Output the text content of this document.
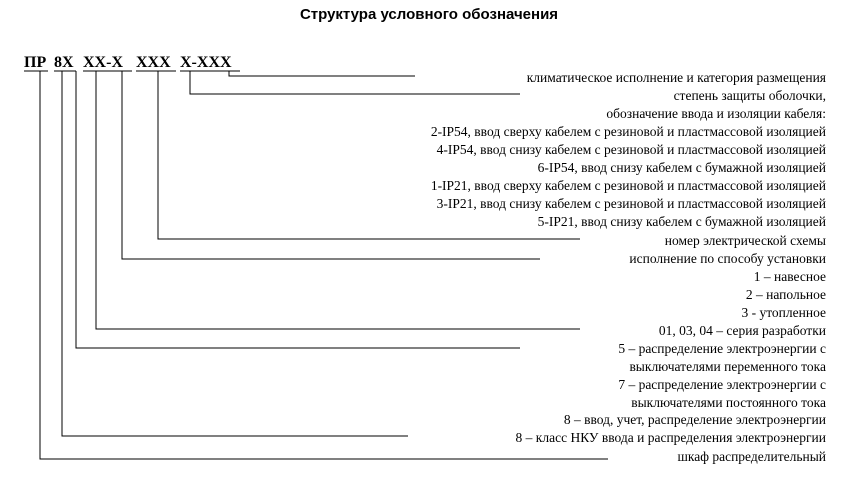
Структура условного обозначения
ПР 8Х ХХ-Х ХХХ Х-ХХХ
климатическое исполнение и категория размещения
степень защиты оболочки,
обозначение ввода и изоляции кабеля:
2-IP54, ввод сверху кабелем с резиновой и пластмассовой изоляцией
4-IP54, ввод снизу кабелем с резиновой и пластмассовой изоляцией
6-IP54, ввод снизу кабелем с бумажной изоляцией
1-IP21, ввод сверху кабелем с резиновой и пластмассовой изоляцией
3-IP21, ввод снизу кабелем с резиновой и пластмассовой изоляцией
5-IP21, ввод снизу кабелем с бумажной изоляцией
номер электрической схемы
исполнение по способу установки
1 – навесное
2 – напольное
3 - утопленное
01, 03, 04 – серия разработки
5 – распределение электроэнергии с
выключателями переменного тока
7 – распределение электроэнергии с
выключателями постоянного тока
8 – ввод, учет, распределение электроэнергии
8 – класс НКУ ввода и распределения электроэнергии
шкаф распределительный
